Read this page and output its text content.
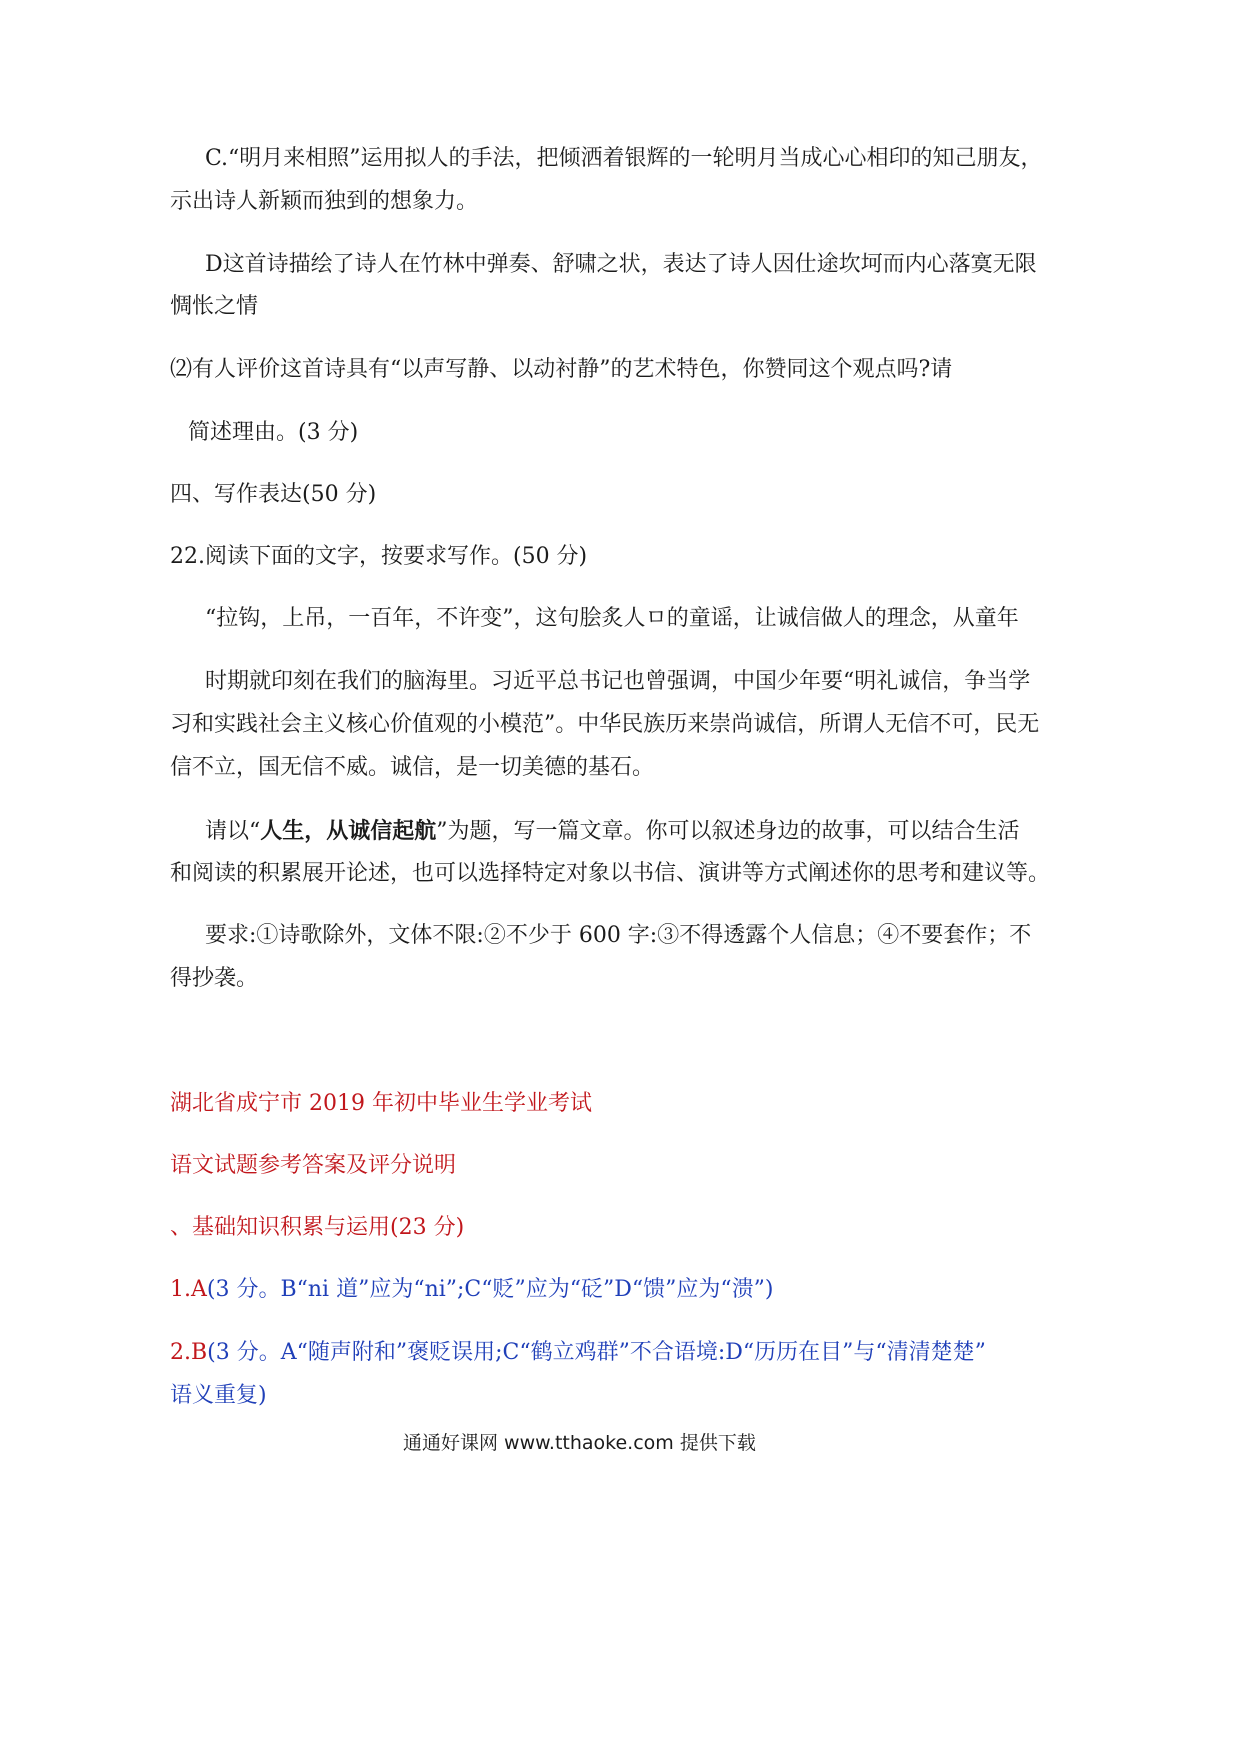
C.“明月来相照”运用拟人的手法，把倾洒着银辉的一轮明月当成心心相印的知己朋友，
示出诗人新颖而独到的想象力。
D这首诗描绘了诗人在竹林中弹奏、舒啸之状，表达了诗人因仕途坎坷而内心落寞无限
惆怅之情
⑵有人评价这首诗具有“以声写静、以动衬静”的艺术特色，你赞同这个观点吗?请
简述理由。(3 分)
四、写作表达(50 分)
22.阅读下面的文字，按要求写作。(50 分)
“拉钩，上吊，一百年，不许变”，这句脍炙人ㅁ的童谣，让诚信做人的理念，从童年
时期就印刻在我们的脑海里。习近平总书记也曾强调，中国少年要“明礼诚信，争当学
习和实践社会主义核心价值观的小模范”。中华民族历来崇尚诚信，所谓人无信不可，民无
信不立，国无信不威。诚信，是一切美德的基石。
请以“人生，从诚信起航”为题，写一篇文章。你可以叙述身边的故事，可以结合生活
和阅读的积累展开论述，也可以选择特定对象以书信、演讲等方式阐述你的思考和建议等。
要求:①诗歌除外，文体不限:②不少于 600 字:③不得透露个人信息；④不要套作；不
得抄袭。
湖北省成宁市 2019 年初中毕业生学业考试
语文试题参考答案及评分说明
、基础知识积累与运用(23 分)
1.A(3 分。B“ni 道”应为“ni”;C“贬”应为“砭”D“馈”应为“溃”)
2.B(3 分。A“随声附和”褒贬误用;C“鹤立鸡群”不合语境:D“历历在目”与“清清楚楚”
语义重复)
通通好课网 www.tthaoke.com 提供下载
